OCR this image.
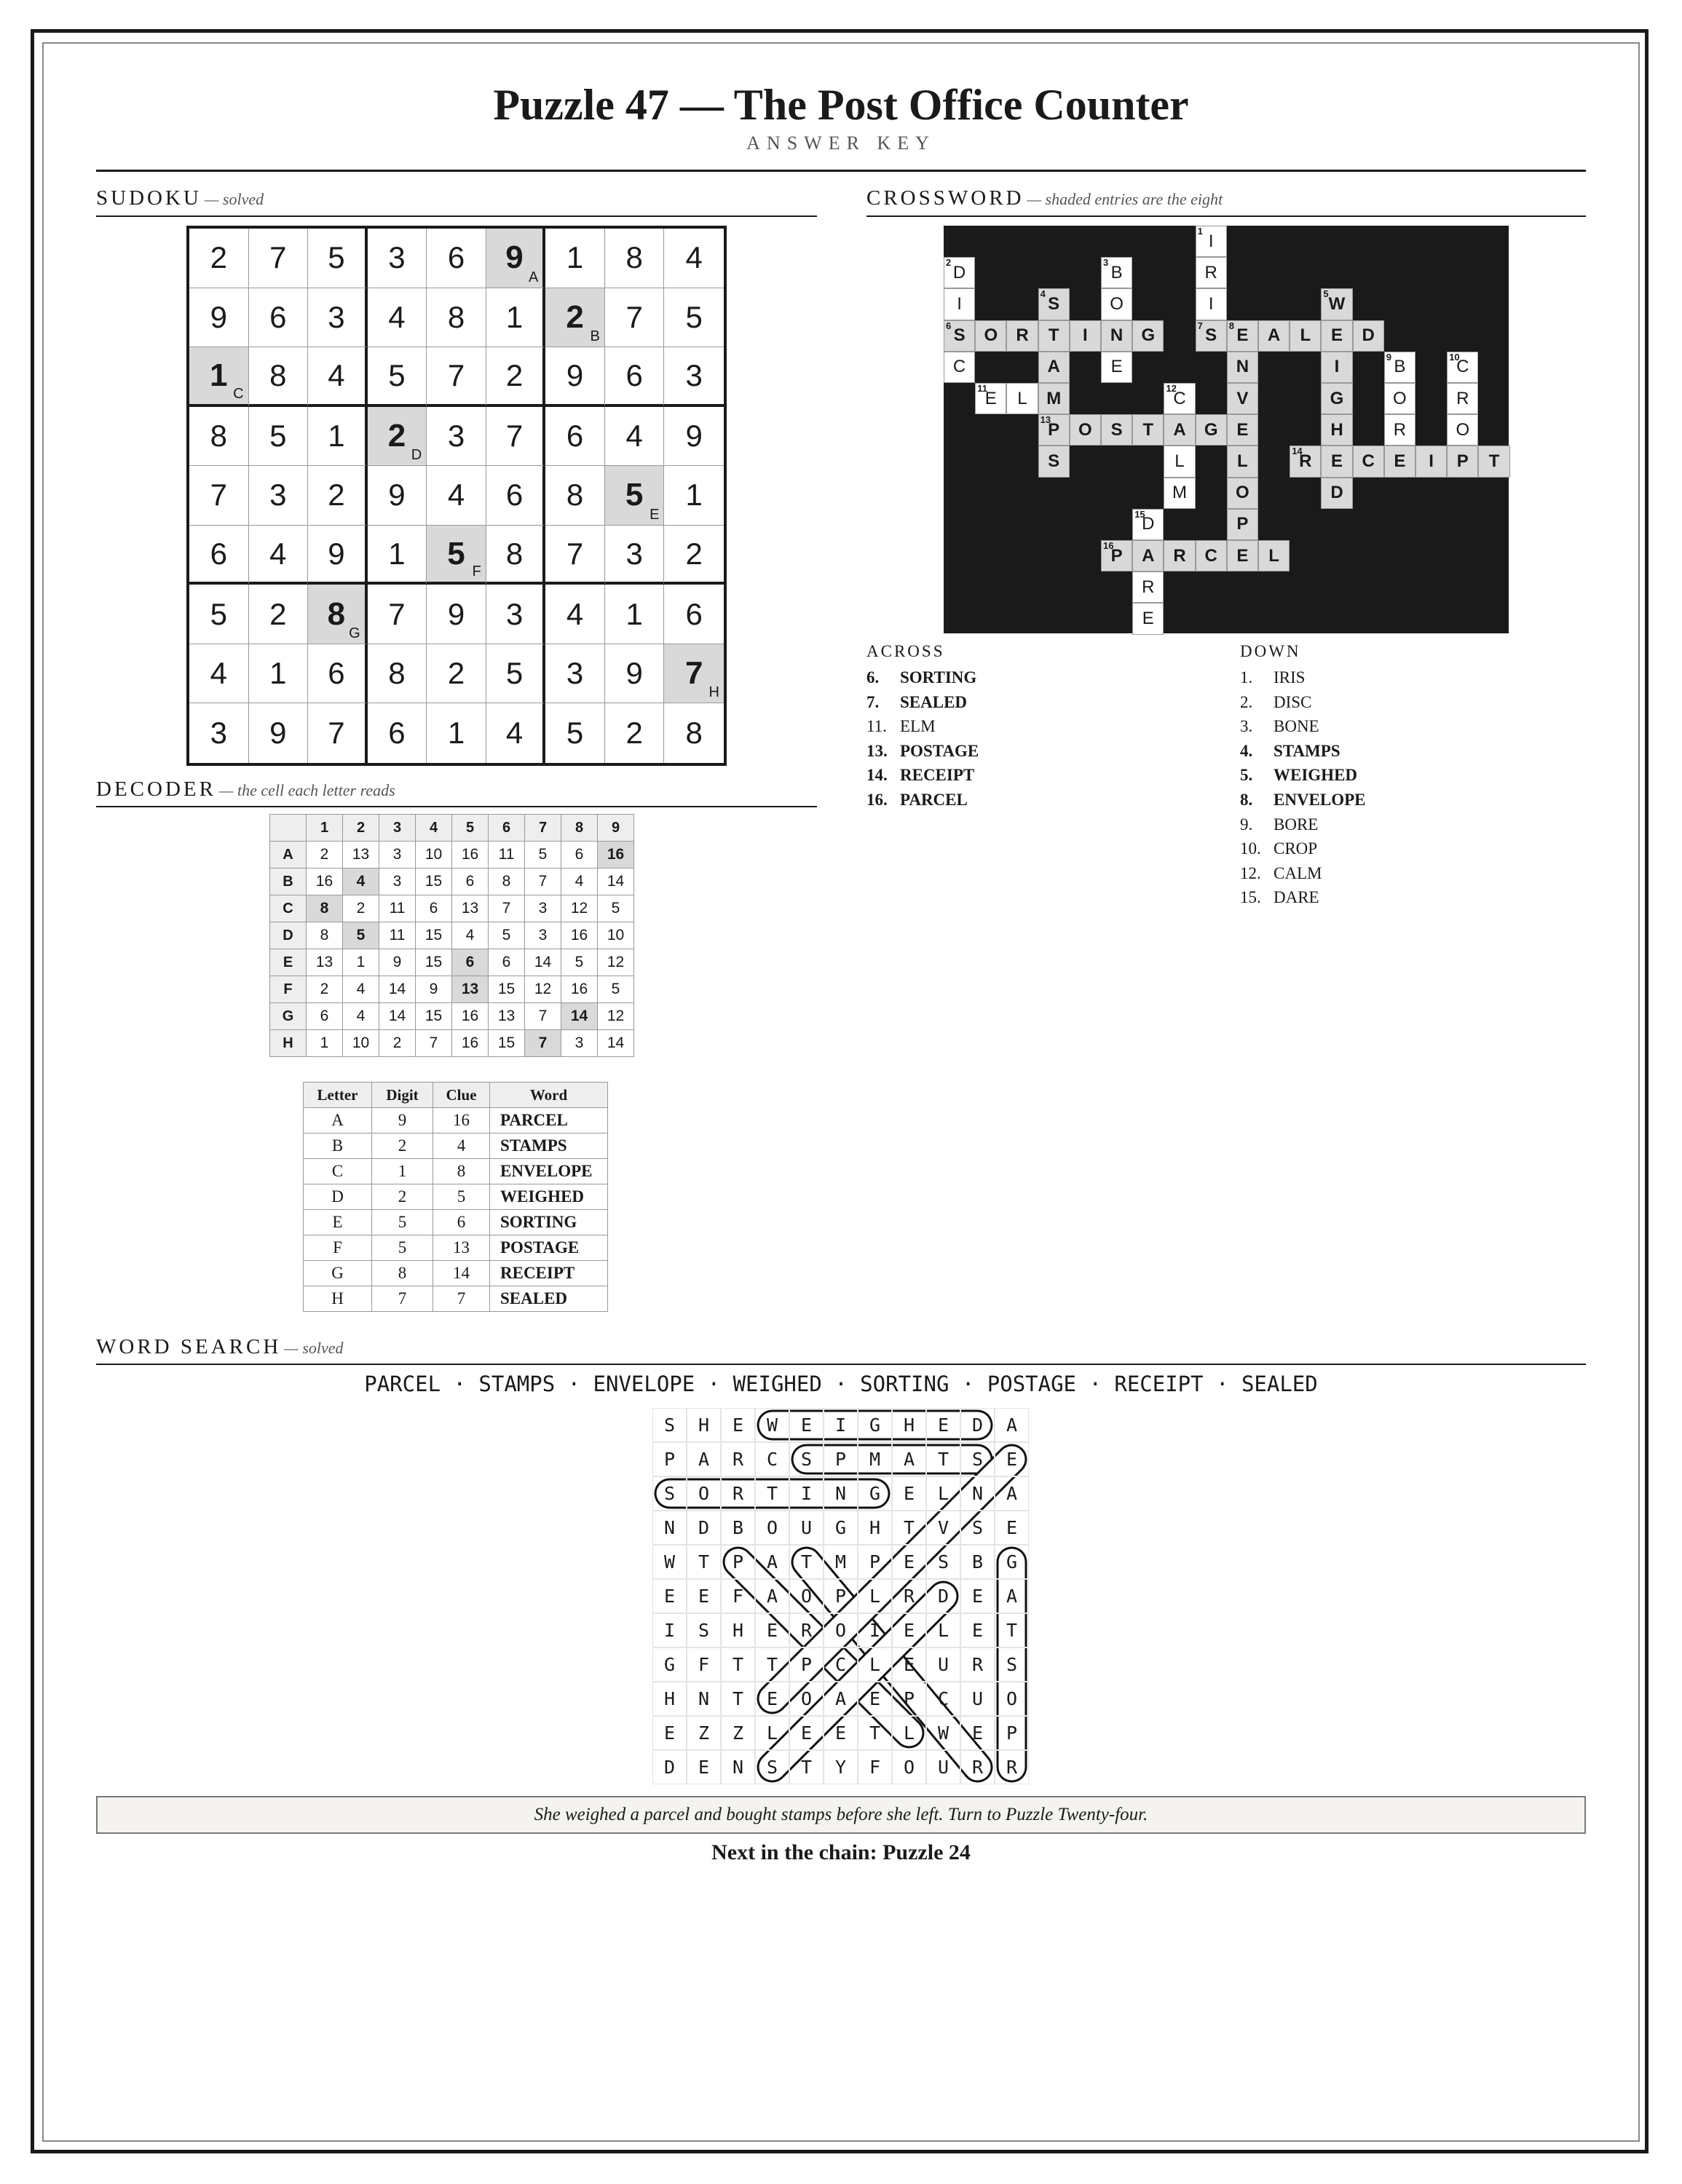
Puzzle 47 — The Post Office Counter
ANSWER KEY
SUDOKU — solved
2 7 5 3 6 9
A
1 8 4
9 6 3 4 8 1 2
B
7 5
1
C
8 4 5 7 2 9 6 3
8 5 1 2
D
3 7 6 4 9
7 3 2 9 4 6 8 5
E
1
6 4 9 1 5
F
8 7 3 2
5 2 8
G
7 9 3 4 1 6
4 1 6 8 2 5 3 9 7
H
3 9 7 6 1 4 5 2 8
DECODER — the cell each letter reads
	1	2	3	4	5	6	7	8	9
A	2	13	3	10	16	11	5	6	16
B	16	4	3	15	6	8	7	4	14
C	8	2	11	6	13	7	3	12	5
D	8	5	11	15	4	5	3	16	10
E	13	1	9	15	6	6	14	5	12
F	2	4	14	9	13	15	12	16	5
G	6	4	14	15	16	13	7	14	12
H	1	10	2	7	16	15	7	3	14
Letter	Digit	Clue	Word
A	9	16	PARCEL
B	2	4	STAMPS
C	1	8	ENVELOPE
D	2	5	WEIGHED
E	5	6	SORTING
F	5	13	POSTAGE
G	8	14	RECEIPT
H	7	7	SEALED
CROSSWORD — shaded entries are the eight
I
1
R
I
S
7
D
2
I
S
6
C
B
3
O
N
E
S
4
T
A
M
P
13
S
W
5
E
I
G
H
E
D
O R	I	G	E
8
A L	D
N
V
E
L
O
P
E
B
9
O
R
E
C
10
R
O
P
E
11
L	C
12
A
L
M
O S T	G
R
14
C	I	T
D
15
A
R
E
P
16
R C	L
ACROSS	DOWN
6. SORTING
7. SEALED
11. ELM
13. POSTAGE
14. RECEIPT
16. PARCEL
1. IRIS
2. DISC
3. BONE
4. STAMPS
5. WEIGHED
8. ENVELOPE
9. BORE
10. CROP
12. CALM
15. DARE
WORD SEARCH — solved
PARCEL · STAMPS · ENVELOPE · WEIGHED · SORTING · POSTAGE · RECEIPT · SEALED
S	H	E	W	E	I	G	H	E	D	A
P	A	R	C	S	P	M	A	T	S	E
S	O	R	T	I	N	G	E	L	N	A
N	D	B	O	U	G	H	T	V	S	E
W	T	P	A	T	M	P	E	S	B	G
E	E	F	A	O	P	L	R	D	E	A
I	S	H	E	R	O	I	E	L	E	T
G	F	T	T	P	C	L	E	U	R	S
H	N	T	E	O	A	E	P	C	U	O
E	Z	Z	L	E	E	T	L	W	E	P
D	E	N	S	T	Y	F	O	U	R	R
She weighed a parcel and bought stamps before she left. Turn to Puzzle Twenty-four.
Next in the chain: Puzzle 24
